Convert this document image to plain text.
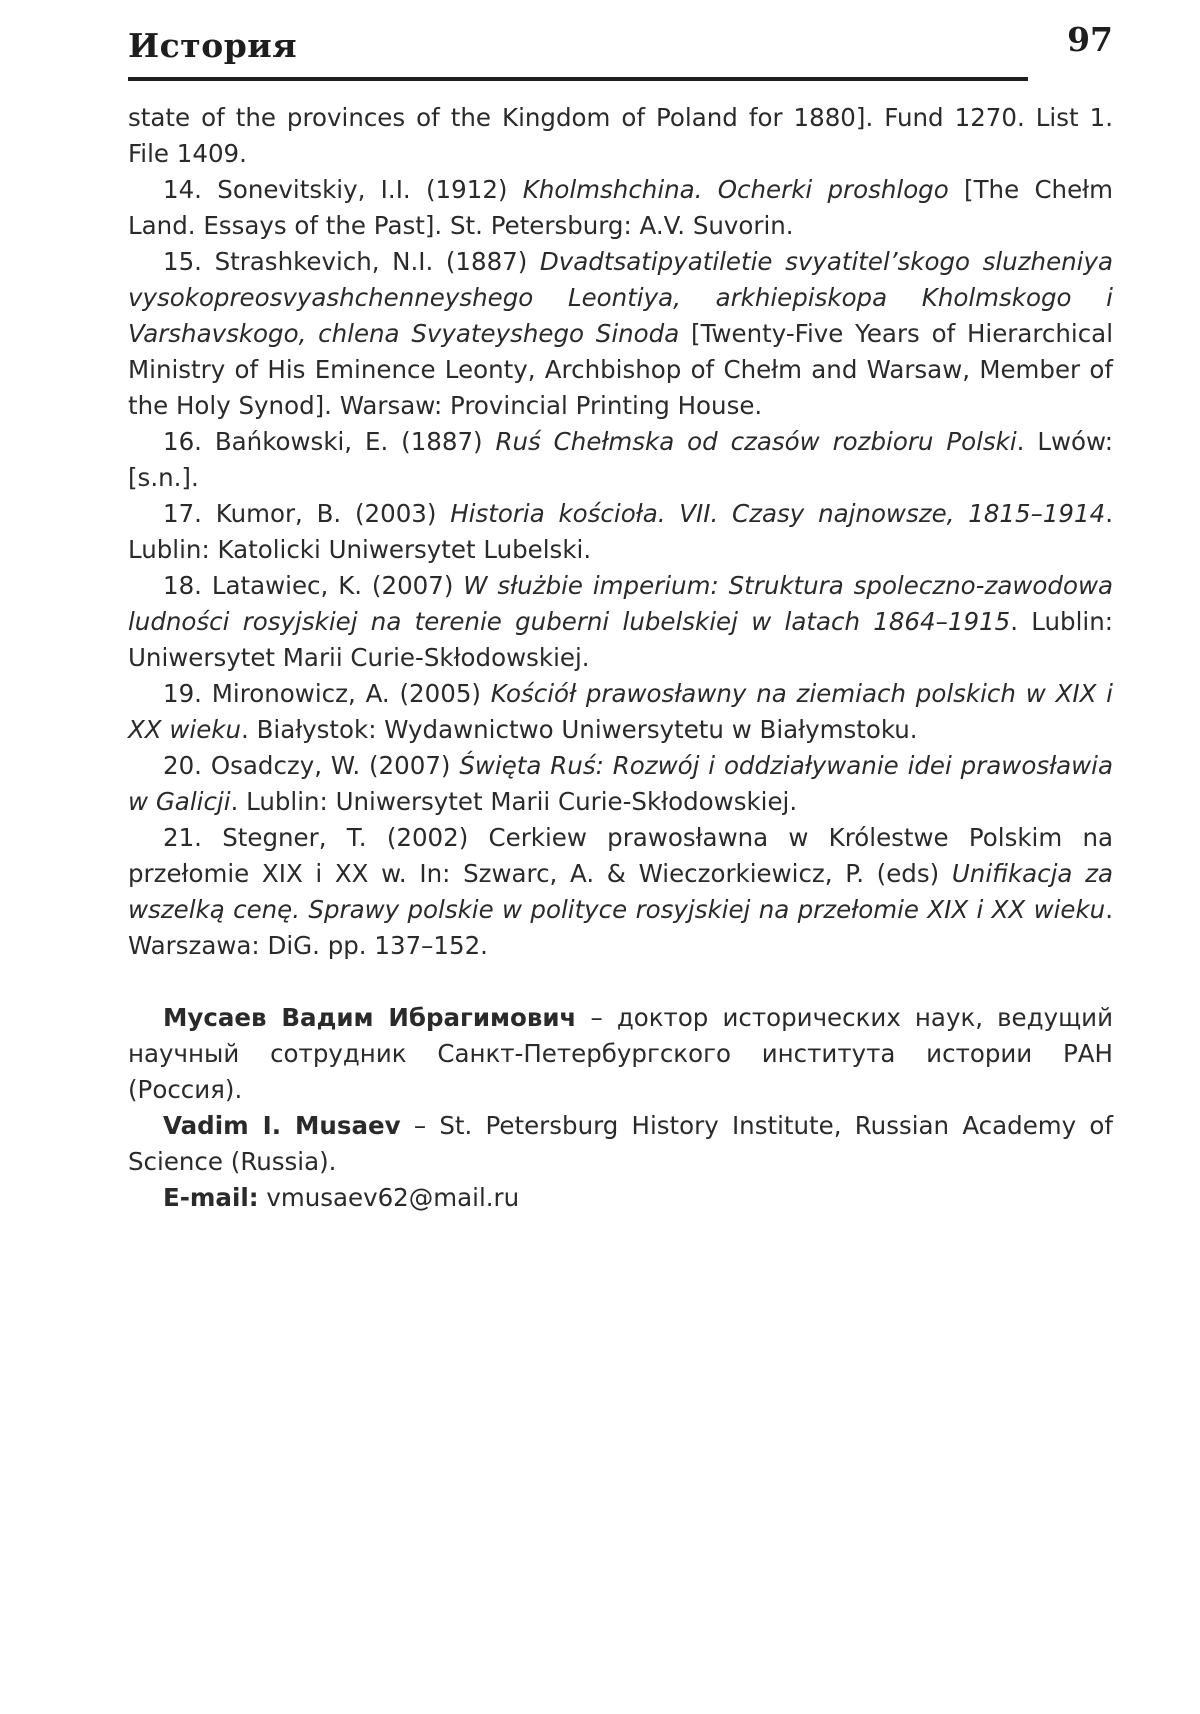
История	97

state of the provinces of the Kingdom of Poland for 1880]. Fund 1270. List 1. File 1409.

14. Sonevitskiy, I.I. (1912) Kholmshchina. Ocherki proshlogo [The Chełm Land. Essays of the Past]. St. Petersburg: A.V. Suvorin.

15. Strashkevich, N.I. (1887) Dvadtsatipyatiletie svyatitel’skogo sluzheniya vysokopreosvyashchenneyshego Leontiya, arkhiepiskopa Kholmskogo i Varshavskogo, chlena Svyateyshego Sinoda [Twenty-Five Years of Hierarchical Ministry of His Eminence Leonty, Archbishop of Chełm and Warsaw, Member of the Holy Synod]. Warsaw: Provincial Printing House.

16. Bańkowski, E. (1887) Ruś Chełmska od czasów rozbioru Polski. Lwów: [s.n.].

17. Kumor, B. (2003) Historia kościoła. VII. Czasy najnowsze, 1815–1914. Lublin: Katolicki Uniwersytet Lubelski.

18. Latawiec, K. (2007) W służbie imperium: Struktura spoleczno-zawodowa ludności rosyjskiej na terenie guberni lubelskiej w latach 1864–1915. Lublin: Uniwersytet Marii Curie-Skłodowskiej.

19. Mironowicz, A. (2005) Kościół prawosławny na ziemiach polskich w XIX i XX wieku. Białystok: Wydawnictwo Uniwersytetu w Białymstoku.

20. Osadczy, W. (2007) Święta Ruś: Rozwój i oddziaływanie idei prawosławia w Galicji. Lublin: Uniwersytet Marii Curie-Skłodowskiej.

21. Stegner, T. (2002) Cerkiew prawosławna w Królestwe Polskim na przełomie XIX i XX w. In: Szwarc, A. & Wieczorkiewicz, P. (eds) Unifikacja za wszelką cenę. Sprawy polskie w polityce rosyjskiej na przełomie XIX i XX wieku. Warszawa: DiG. pp. 137–152.

Мусаев Вадим Ибрагимович – доктор исторических наук, ведущий научный сотрудник Санкт-Петербургского института истории РАН (Россия).

Vadim I. Musaev – St. Petersburg History Institute, Russian Academy of Science (Russia).

E-mail: vmusaev62@mail.ru
